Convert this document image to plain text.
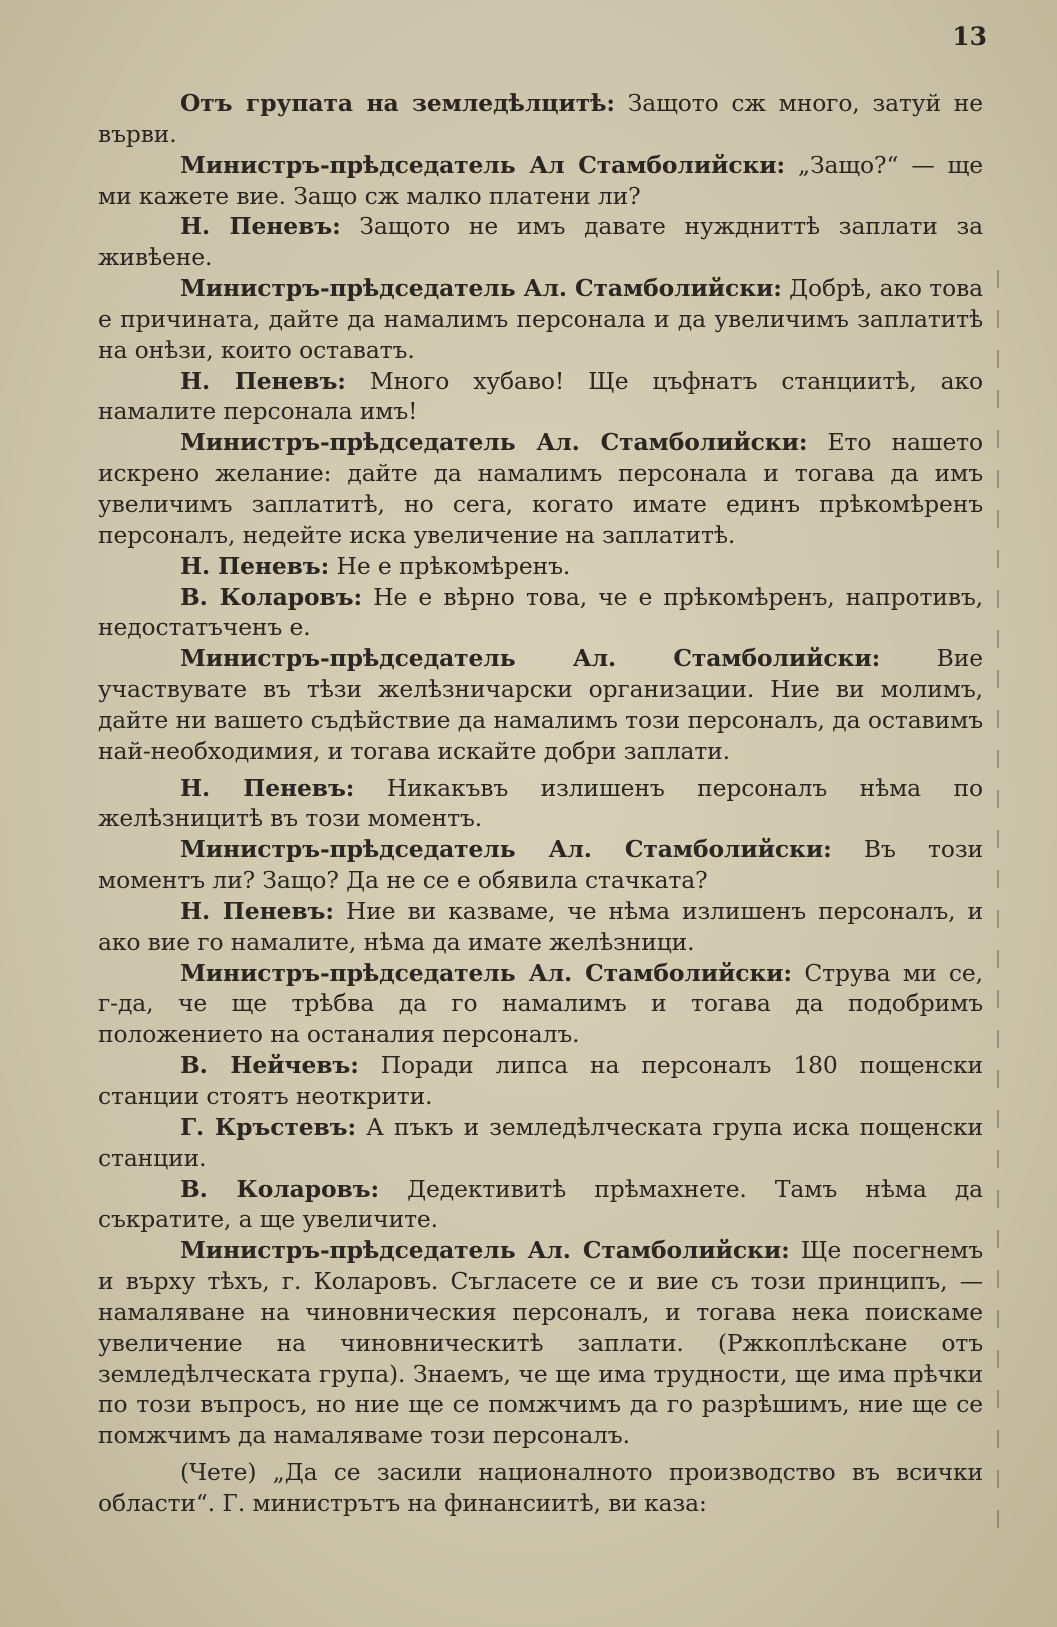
13

Отъ групата на земледѣлцитѣ: Защото сж много, затуй не върви.

Министръ-прѣдседатель Ал Стамболийски: „Защо?“ — ще ми кажете вие. Защо сж малко платени ли?

Н. Пеневъ: Защото не имъ давате нуждниттѣ заплати за живѣене.

Министръ-прѣдседатель Ал. Стамболийски: Добрѣ, ако това е причината, дайте да намалимъ персонала и да увеличимъ заплатитѣ на онѣзи, които оставатъ.

Н. Пеневъ: Много хубаво! Ще цъфнатъ станциитѣ, ако намалите персонала имъ!

Министръ-прѣдседатель Ал. Стамболийски: Ето нашето искрено желание: дайте да намалимъ персонала и тогава да имъ увеличимъ заплатитѣ, но сега, когато имате единъ прѣкомѣренъ персоналъ, недейте иска увеличение на заплатитѣ.

Н. Пеневъ: Не е прѣкомѣренъ.

В. Коларовъ: Не е вѣрно това, че е прѣкомѣренъ, напротивъ, недостатъченъ е.

Министръ-прѣдседатель Ал. Стамболийски: Вие участвувате въ тѣзи желѣзничарски организации. Ние ви молимъ, дайте ни вашето съдѣйствие да намалимъ този персоналъ, да оставимъ най-необходимия, и тогава искайте добри заплати.

Н. Пеневъ: Никакъвъ излишенъ персоналъ нѣма по желѣзницитѣ въ този моментъ.

Министръ-прѣдседатель Ал. Стамболийски: Въ този моментъ ли? Защо? Да не се е обявила стачката?

Н. Пеневъ: Ние ви казваме, че нѣма излишенъ персоналъ, и ако вие го намалите, нѣма да имате желѣзници.

Министръ-прѣдседатель Ал. Стамболийски: Струва ми се, г-да, че ще трѣбва да го намалимъ и тогава да подобримъ положението на останалия персоналъ.

В. Нейчевъ: Поради липса на персоналъ 180 пощенски станции стоятъ неоткрити.

Г. Кръстевъ: А пъкъ и земледѣлческата група иска пощенски станции.

В. Коларовъ: Дедективитѣ прѣмахнете. Тамъ нѣма да съкратите, а ще увеличите.

Министръ-прѣдседатель Ал. Стамболийски: Ще посегнемъ и върху тѣхъ, г. Коларовъ. Съгласете се и вие съ този принципъ, — намаляване на чиновническия персоналъ, и тогава нека поискаме увеличение на чиновническитѣ заплати. (Ржкоплѣскане отъ земледѣлческата група). Знаемъ, че ще има трудности, ще има прѣчки по този въпросъ, но ние ще се помжчимъ да го разрѣшимъ, ние ще се помжчимъ да намаляваме този персоналъ.

(Чете) „Да се засили националното производство въ всички области“. Г. министрътъ на финансиитѣ, ви каза:
